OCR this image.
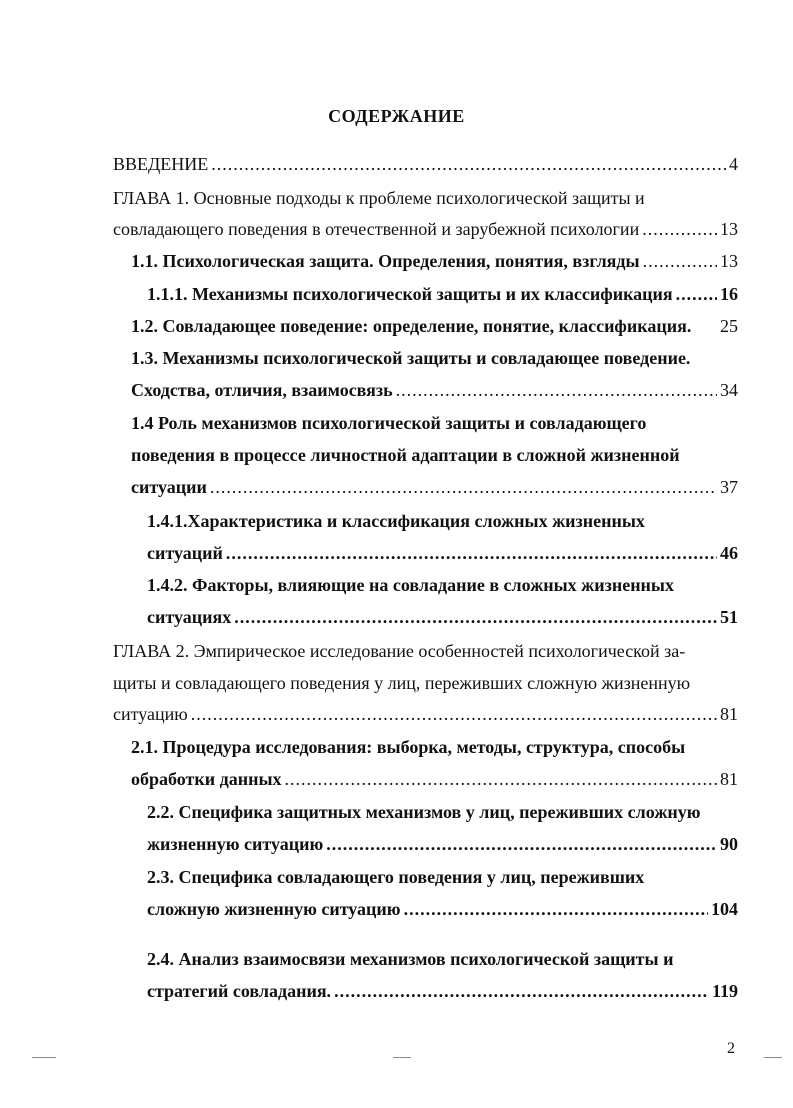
СОДЕРЖАНИЕ
ВВЕДЕНИЕ .....	4
ГЛАВА 1. Основные подходы к проблеме психологической защиты и
совладающего поведения в отечественной и зарубежной психологии .....	13
1.1. Психологическая защита. Определения, понятия, взгляды .....	13
1.1.1. Механизмы психологической защиты и их классификация .....	16
1.2. Совладающее поведение: определение, понятие, классификация. 25
1.3. Механизмы психологической защиты и совладающее поведение.
Сходства, отличия, взаимосвязь .....	34
1.4 Роль механизмов психологической защиты и совладающего
поведения в процессе личностной адаптации в сложной жизненной
ситуации .....	37
1.4.1.Характеристика и классификация сложных жизненных
ситуаций .....	46
1.4.2. Факторы, влияющие на совладание в сложных жизненных
ситуациях .....	51
ГЛАВА 2. Эмпирическое исследование особенностей психологической за-
щиты и совладающего поведения у лиц, переживших сложную жизненную
ситуацию .....	81
2.1. Процедура исследования: выборка, методы, структура, способы
обработки данных .....	81
2.2. Специфика защитных механизмов у лиц, переживших сложную
жизненную ситуацию .....	90
2.3. Специфика совладающего поведения у лиц, переживших
сложную жизненную ситуацию .....	104
2.4. Анализ взаимосвязи механизмов психологической защиты и
стратегий совладания. .....	119
2
